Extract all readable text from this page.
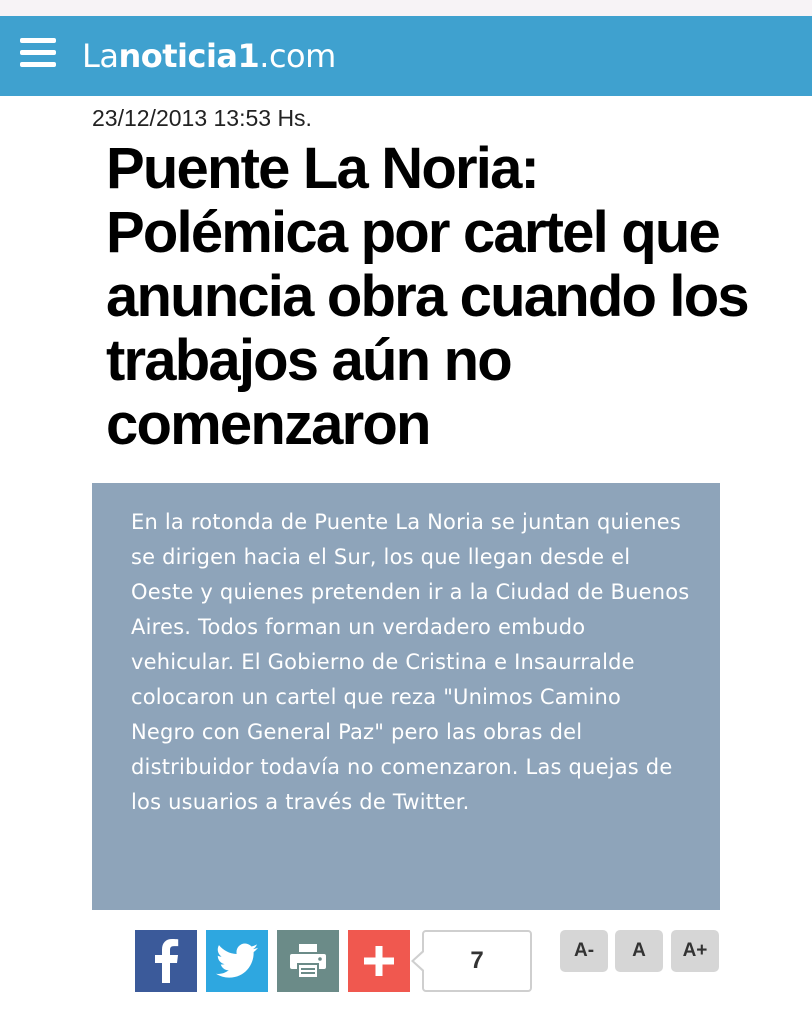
Lanoticia1.com
23/12/2013 13:53 Hs.
Puente La Noria: Polémica por cartel que anuncia obra cuando los trabajos aún no comenzaron

En la rotonda de Puente La Noria se juntan quienes se dirigen hacia el Sur, los que llegan desde el Oeste y quienes pretenden ir a la Ciudad de Buenos Aires. Todos forman un verdadero embudo vehicular. El Gobierno de Cristina e Insaurralde colocaron un cartel que reza "Unimos Camino Negro con General Paz" pero las obras del distribuidor todavía no comenzaron. Las quejas de los usuarios a través de Twitter.

7	A-	A	A+
